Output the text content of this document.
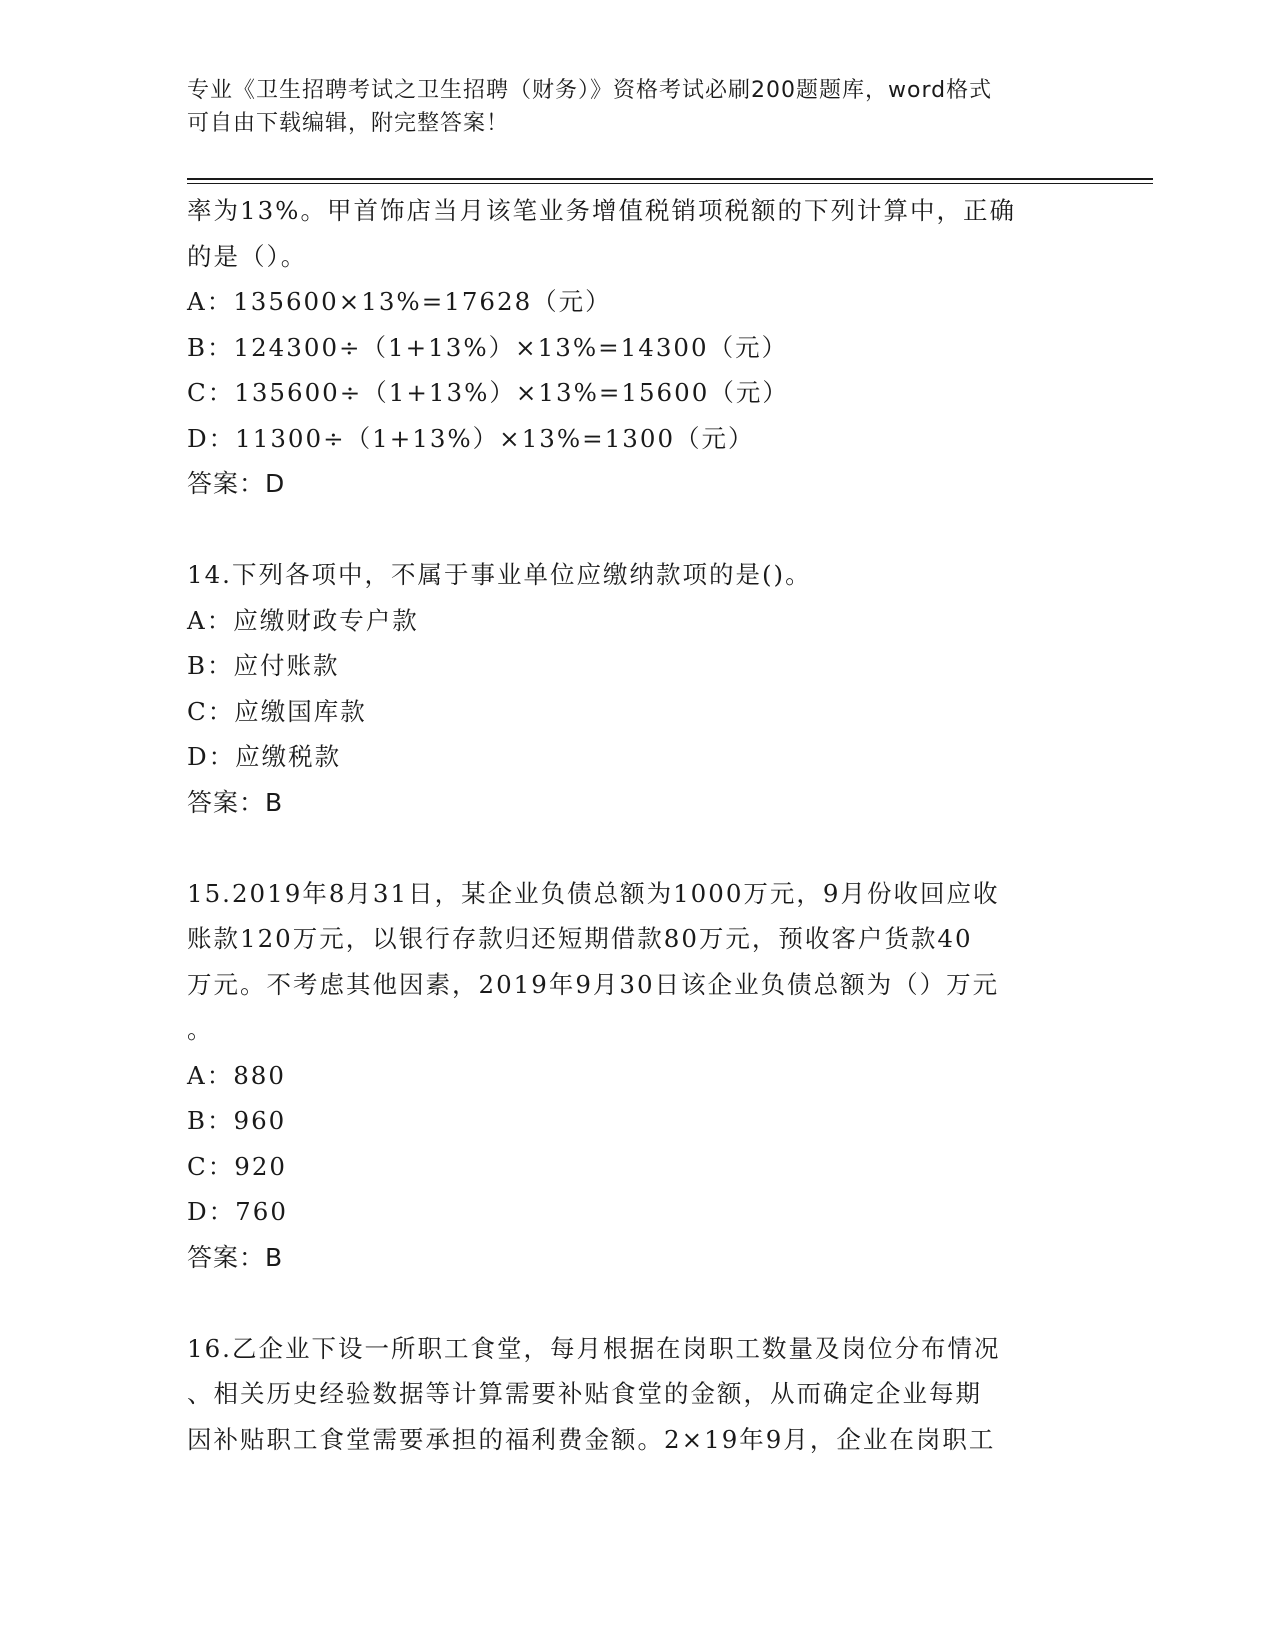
专业《卫生招聘考试之卫生招聘（财务）》资格考试必刷200题题库，word格式
可自由下载编辑，附完整答案！
率为13%。甲首饰店当月该笔业务增值税销项税额的下列计算中，正确
的是（）。
A：135600×13%=17628（元）
B：124300÷（1+13%）×13%=14300（元）
C：135600÷（1+13%）×13%=15600（元）
D：11300÷（1+13%）×13%=1300（元）
答案：D
14.下列各项中，不属于事业单位应缴纳款项的是()。
A：应缴财政专户款
B：应付账款
C：应缴国库款
D：应缴税款
答案：B
15.2019年8月31日，某企业负债总额为1000万元，9月份收回应收
账款120万元，以银行存款归还短期借款80万元，预收客户货款40
万元。不考虑其他因素，2019年9月30日该企业负债总额为（）万元
。
A：880
B：960
C：920
D：760
答案：B
16.乙企业下设一所职工食堂，每月根据在岗职工数量及岗位分布情况
、相关历史经验数据等计算需要补贴食堂的金额，从而确定企业每期
因补贴职工食堂需要承担的福利费金额。2×19年9月，企业在岗职工
